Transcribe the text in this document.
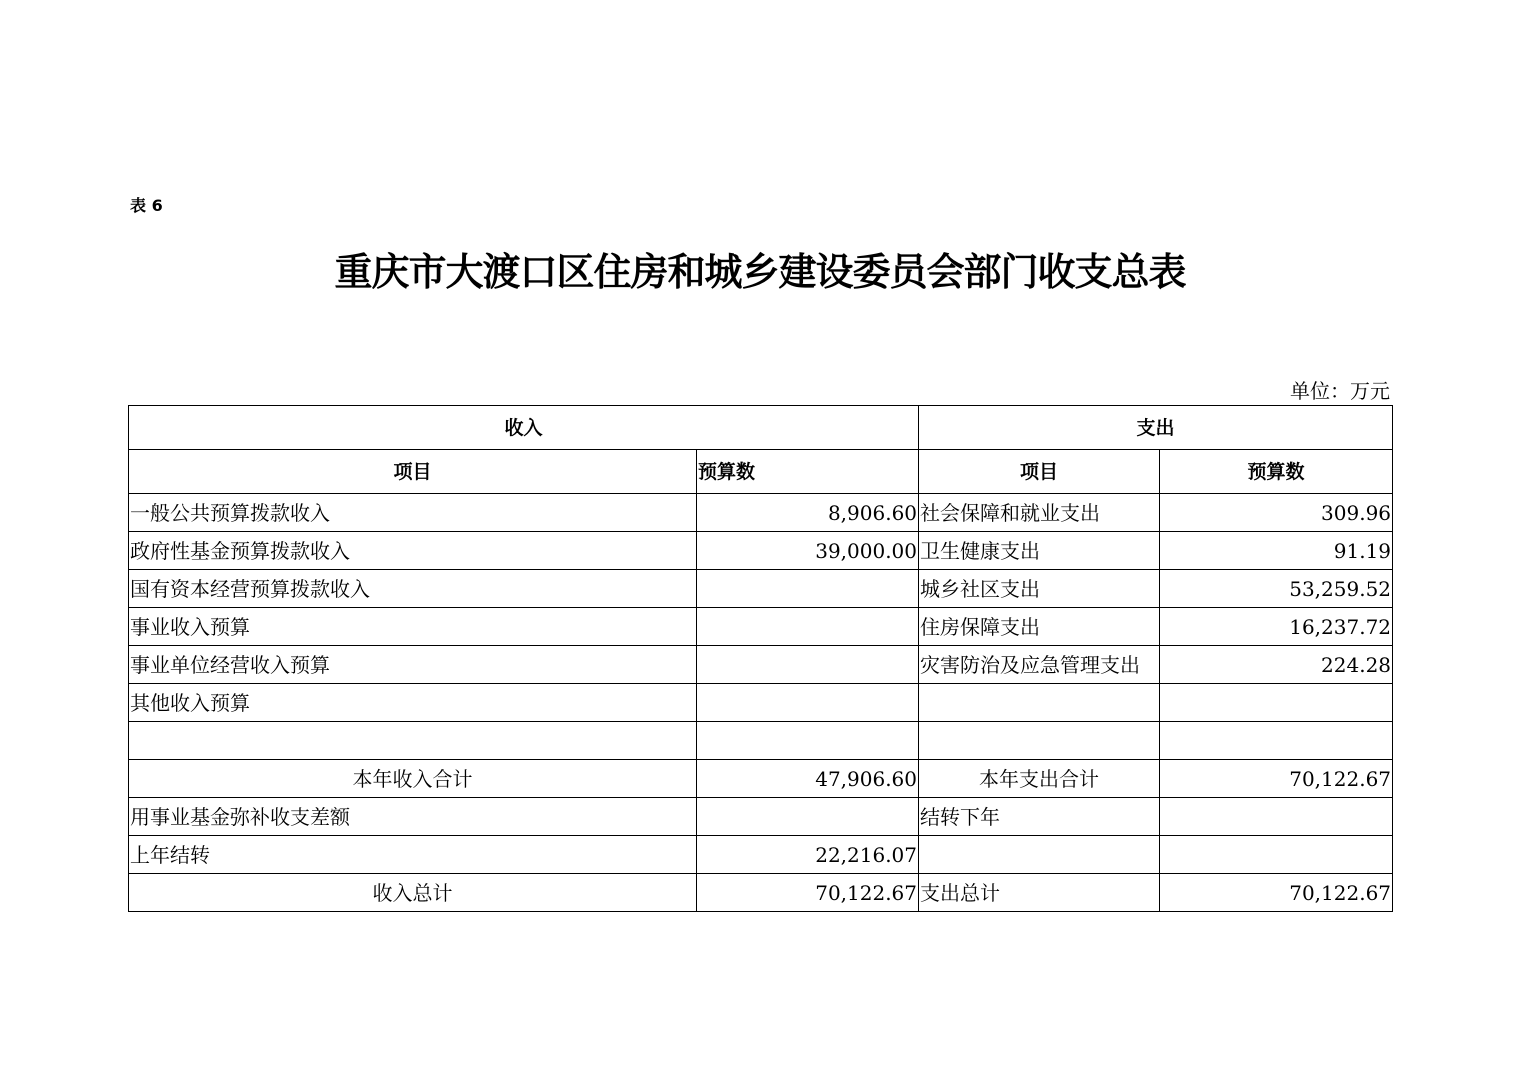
表 6
重庆市大渡口区住房和城乡建设委员会部门收支总表
单位：万元
收入		支出	
项目	预算数	项目	预算数
一般公共预算拨款收入	8,906.60	社会保障和就业支出	309.96
政府性基金预算拨款收入	39,000.00	卫生健康支出	91.19
国有资本经营预算拨款收入		城乡社区支出	53,259.52
事业收入预算		住房保障支出	16,237.72
事业单位经营收入预算		灾害防治及应急管理支出	224.28
其他收入预算			

本年收入合计	47,906.60	本年支出合计	70,122.67
用事业基金弥补收支差额		结转下年	
上年结转	22,216.07		
收入总计	70,122.67	支出总计	70,122.67
